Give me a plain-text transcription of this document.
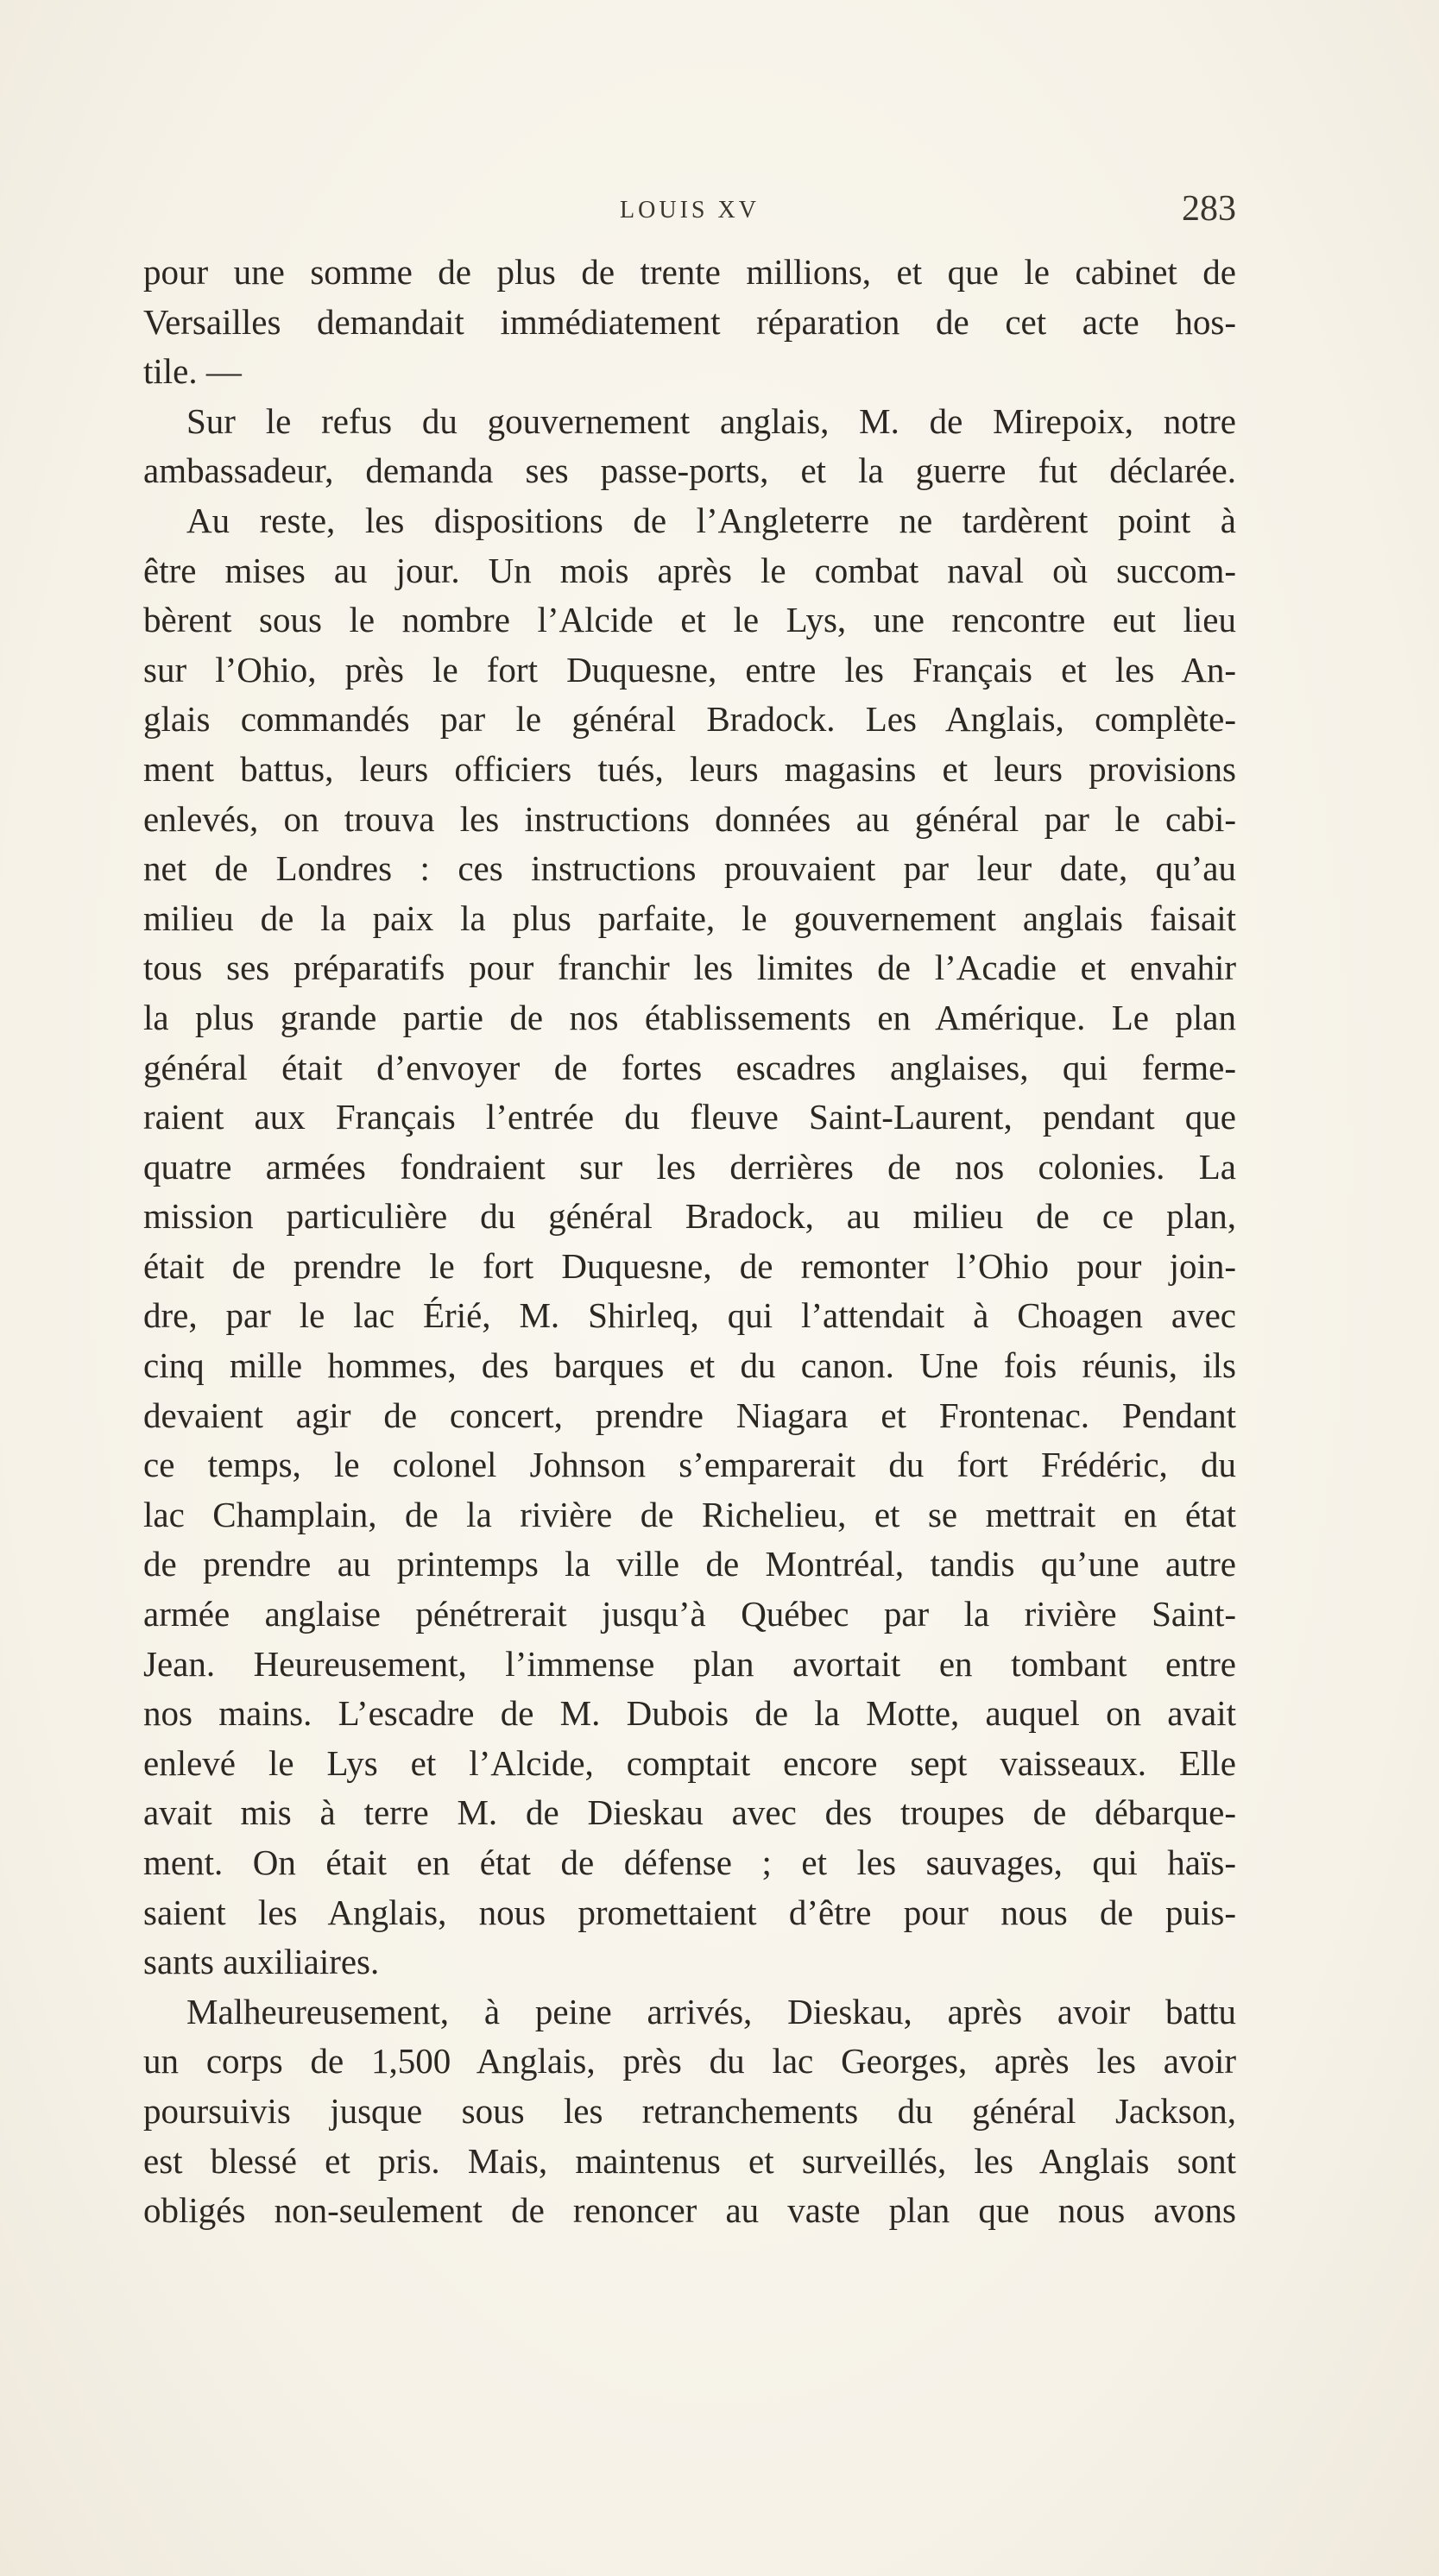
LOUIS XV	283
pour une somme de plus de trente millions, et que le cabinet de
Versailles demandait immédiatement réparation de cet acte hos-
tile. —
Sur le refus du gouvernement anglais, M. de Mirepoix, notre
ambassadeur, demanda ses passe-ports, et la guerre fut déclarée.
Au reste, les dispositions de l’Angleterre ne tardèrent point à
être mises au jour. Un mois après le combat naval où succom-
bèrent sous le nombre l’Alcide et le Lys, une rencontre eut lieu
sur l’Ohio, près le fort Duquesne, entre les Français et les An-
glais commandés par le général Bradock. Les Anglais, complète-
ment battus, leurs officiers tués, leurs magasins et leurs provisions
enlevés, on trouva les instructions données au général par le cabi-
net de Londres : ces instructions prouvaient par leur date, qu’au
milieu de la paix la plus parfaite, le gouvernement anglais faisait
tous ses préparatifs pour franchir les limites de l’Acadie et envahir
la plus grande partie de nos établissements en Amérique. Le plan
général était d’envoyer de fortes escadres anglaises, qui ferme-
raient aux Français l’entrée du fleuve Saint-Laurent, pendant que
quatre armées fondraient sur les derrières de nos colonies. La
mission particulière du général Bradock, au milieu de ce plan,
était de prendre le fort Duquesne, de remonter l’Ohio pour join-
dre, par le lac Érié, M. Shirleq, qui l’attendait à Choagen avec
cinq mille hommes, des barques et du canon. Une fois réunis, ils
devaient agir de concert, prendre Niagara et Frontenac. Pendant
ce temps, le colonel Johnson s’emparerait du fort Frédéric, du
lac Champlain, de la rivière de Richelieu, et se mettrait en état
de prendre au printemps la ville de Montréal, tandis qu’une autre
armée anglaise pénétrerait jusqu’à Québec par la rivière Saint-
Jean. Heureusement, l’immense plan avortait en tombant entre
nos mains. L’escadre de M. Dubois de la Motte, auquel on avait
enlevé le Lys et l’Alcide, comptait encore sept vaisseaux. Elle
avait mis à terre M. de Dieskau avec des troupes de débarque-
ment. On était en état de défense ; et les sauvages, qui haïs-
saient les Anglais, nous promettaient d’être pour nous de puis-
sants auxiliaires.
Malheureusement, à peine arrivés, Dieskau, après avoir battu
un corps de 1,500 Anglais, près du lac Georges, après les avoir
poursuivis jusque sous les retranchements du général Jackson,
est blessé et pris. Mais, maintenus et surveillés, les Anglais sont
obligés non-seulement de renoncer au vaste plan que nous avons
